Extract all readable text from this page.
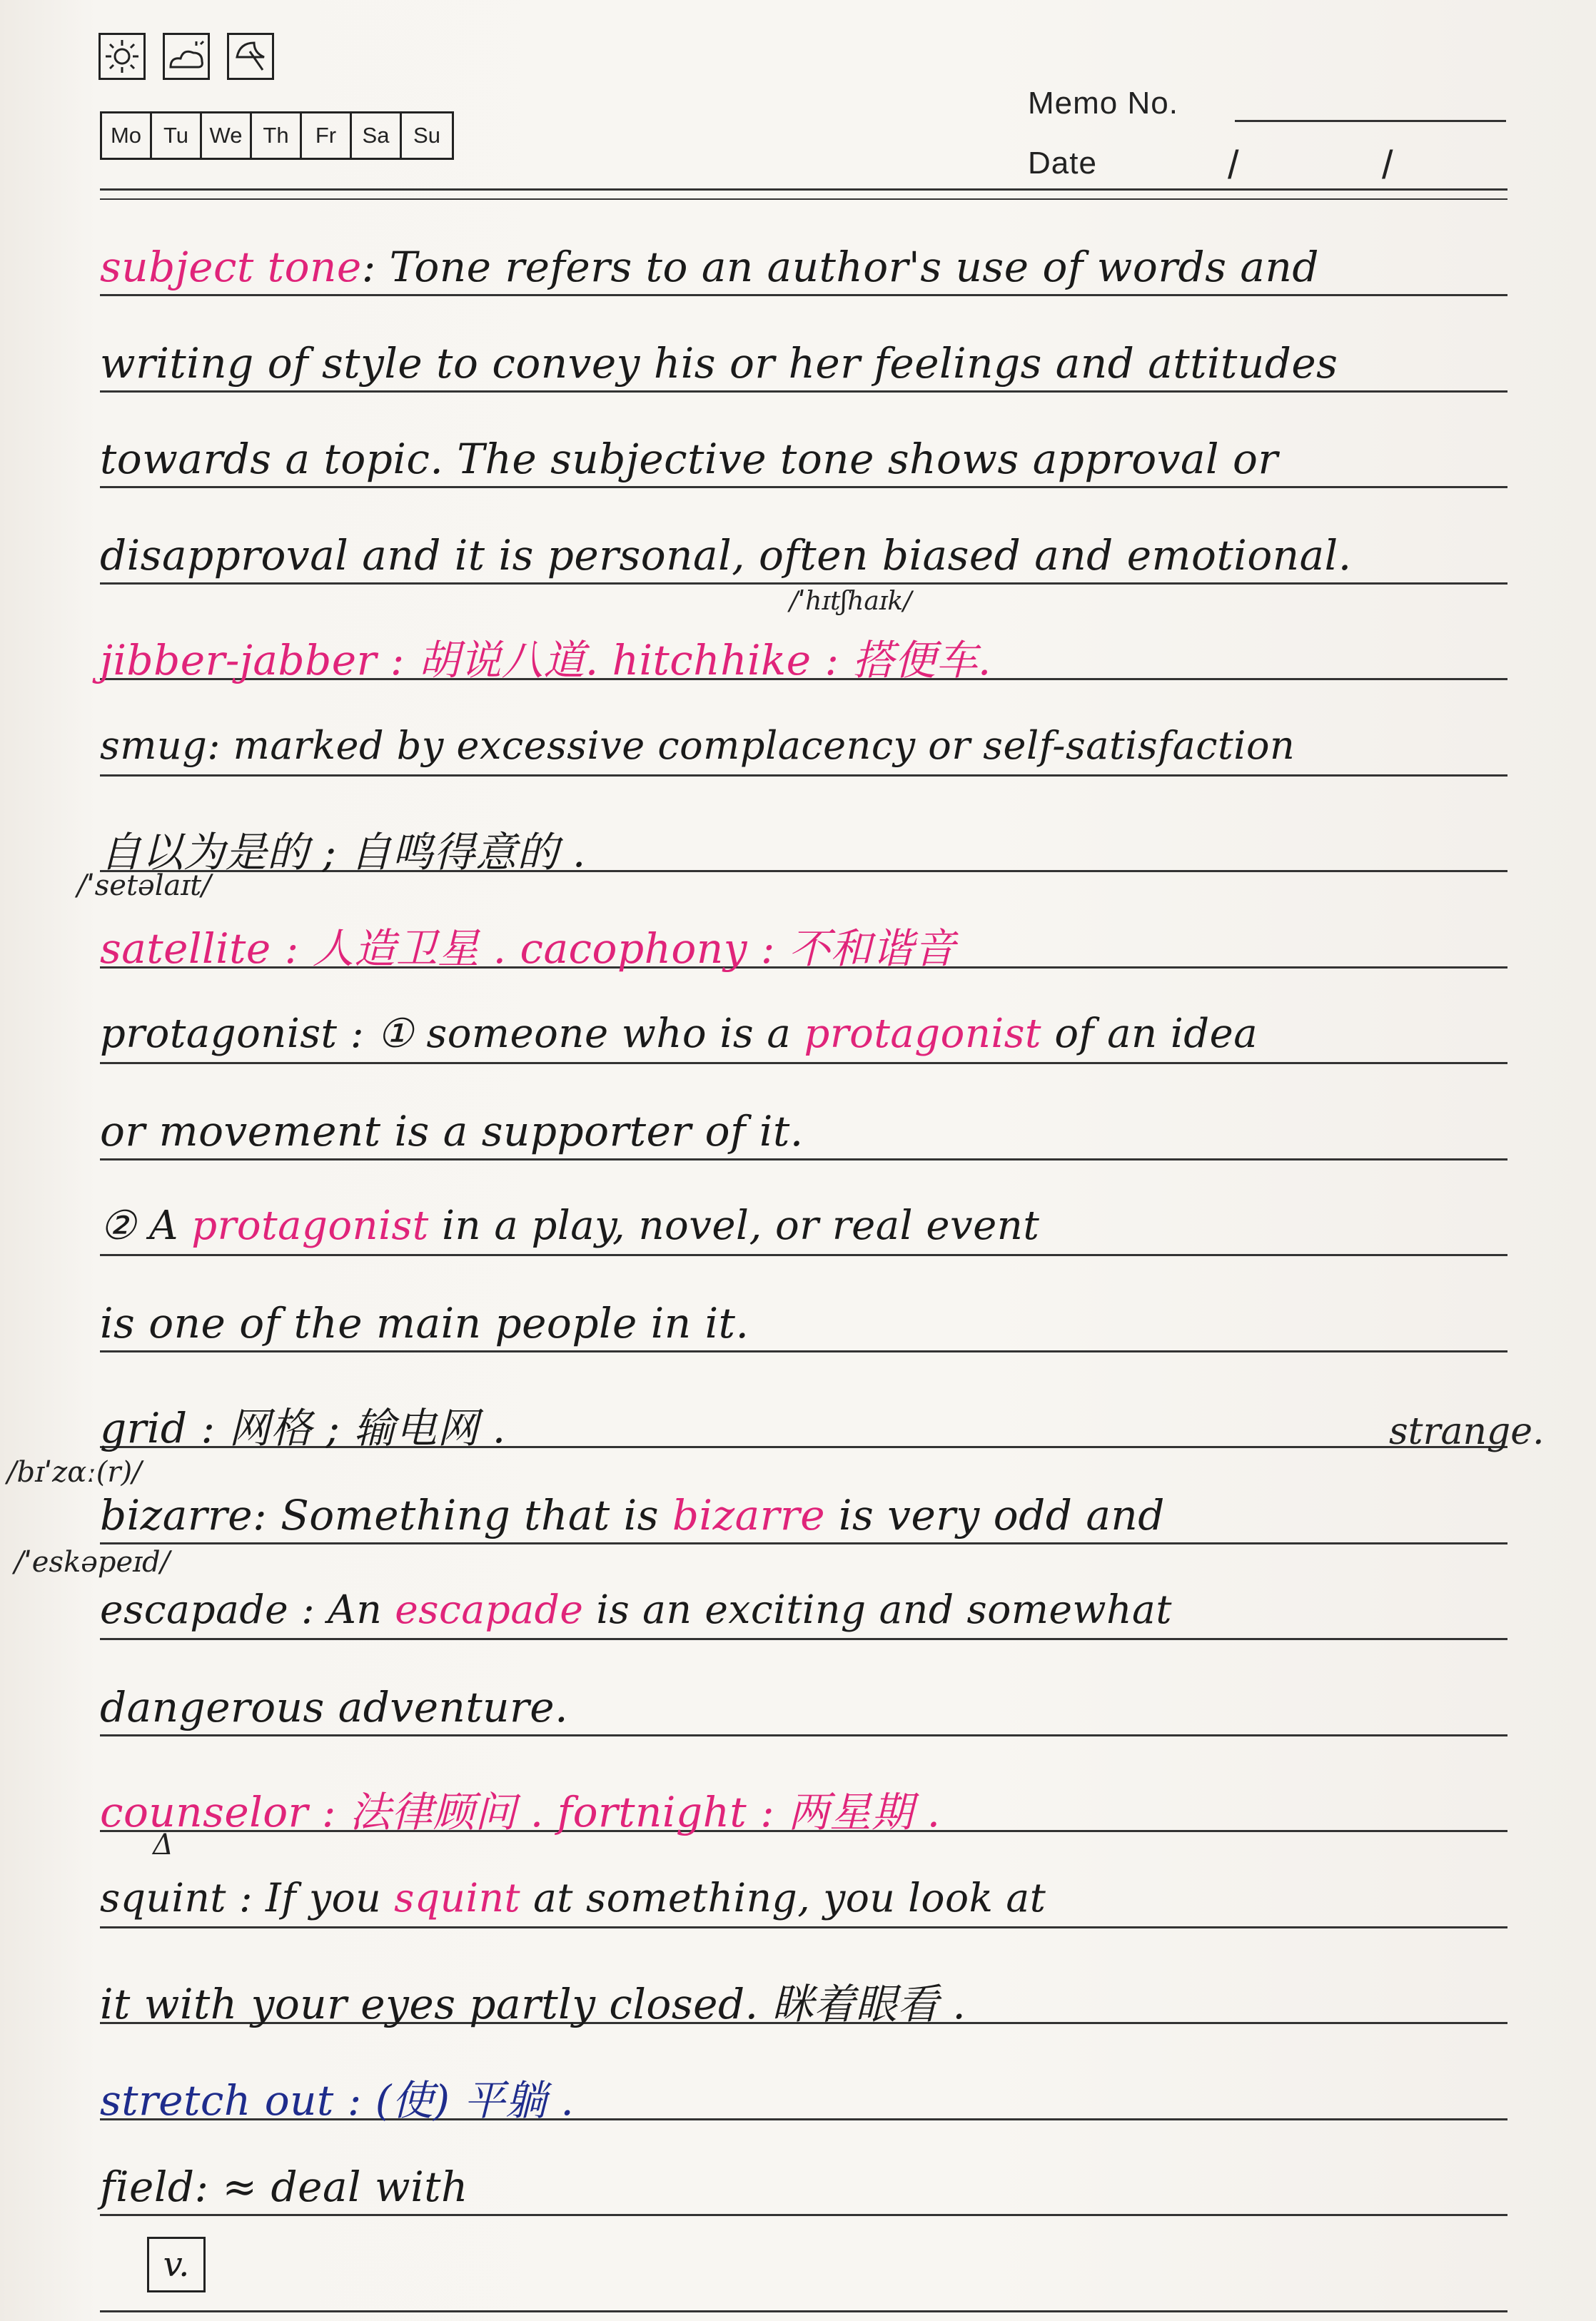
Mo Tu We Th	Fr	Sa	Su
Memo No.
Date	/	/
subject tone: Tone refers to an author's use of words and
writing of style to convey his or her feelings and attitudes
towards a topic. The subjective tone shows approval or
disapproval and it is personal, often biased and emotional.
jibber-jabber : 胡说八道. hitchhike : 搭便车.
smug: marked by excessive complacency or self-satisfaction
自以为是的 ; 自鸣得意的 .
satellite : 人造卫星 . cacophony : 不和谐音
protagonist : ① someone who is a protagonist of an idea
or movement is a supporter of it.
② A protagonist in a play, novel, or real event
is one of the main people in it.
grid : 网格 ; 输电网 .
bizarre: Something that is bizarre is very odd and
escapade : An escapade is an exciting and somewhat
dangerous adventure.
counselor : 法律顾问 . fortnight : 两星期 .
squint : If you squint at something, you look at
it with your eyes partly closed. 眯着眼看 .
stretch out : (使) 平躺 .
field: ≈ deal with
/ˈhɪtʃhaɪk/
/ˈsetəlaɪt/
strange.
/bɪˈzɑː(r)/
/ˈeskəpeɪd/
Δ
v.
